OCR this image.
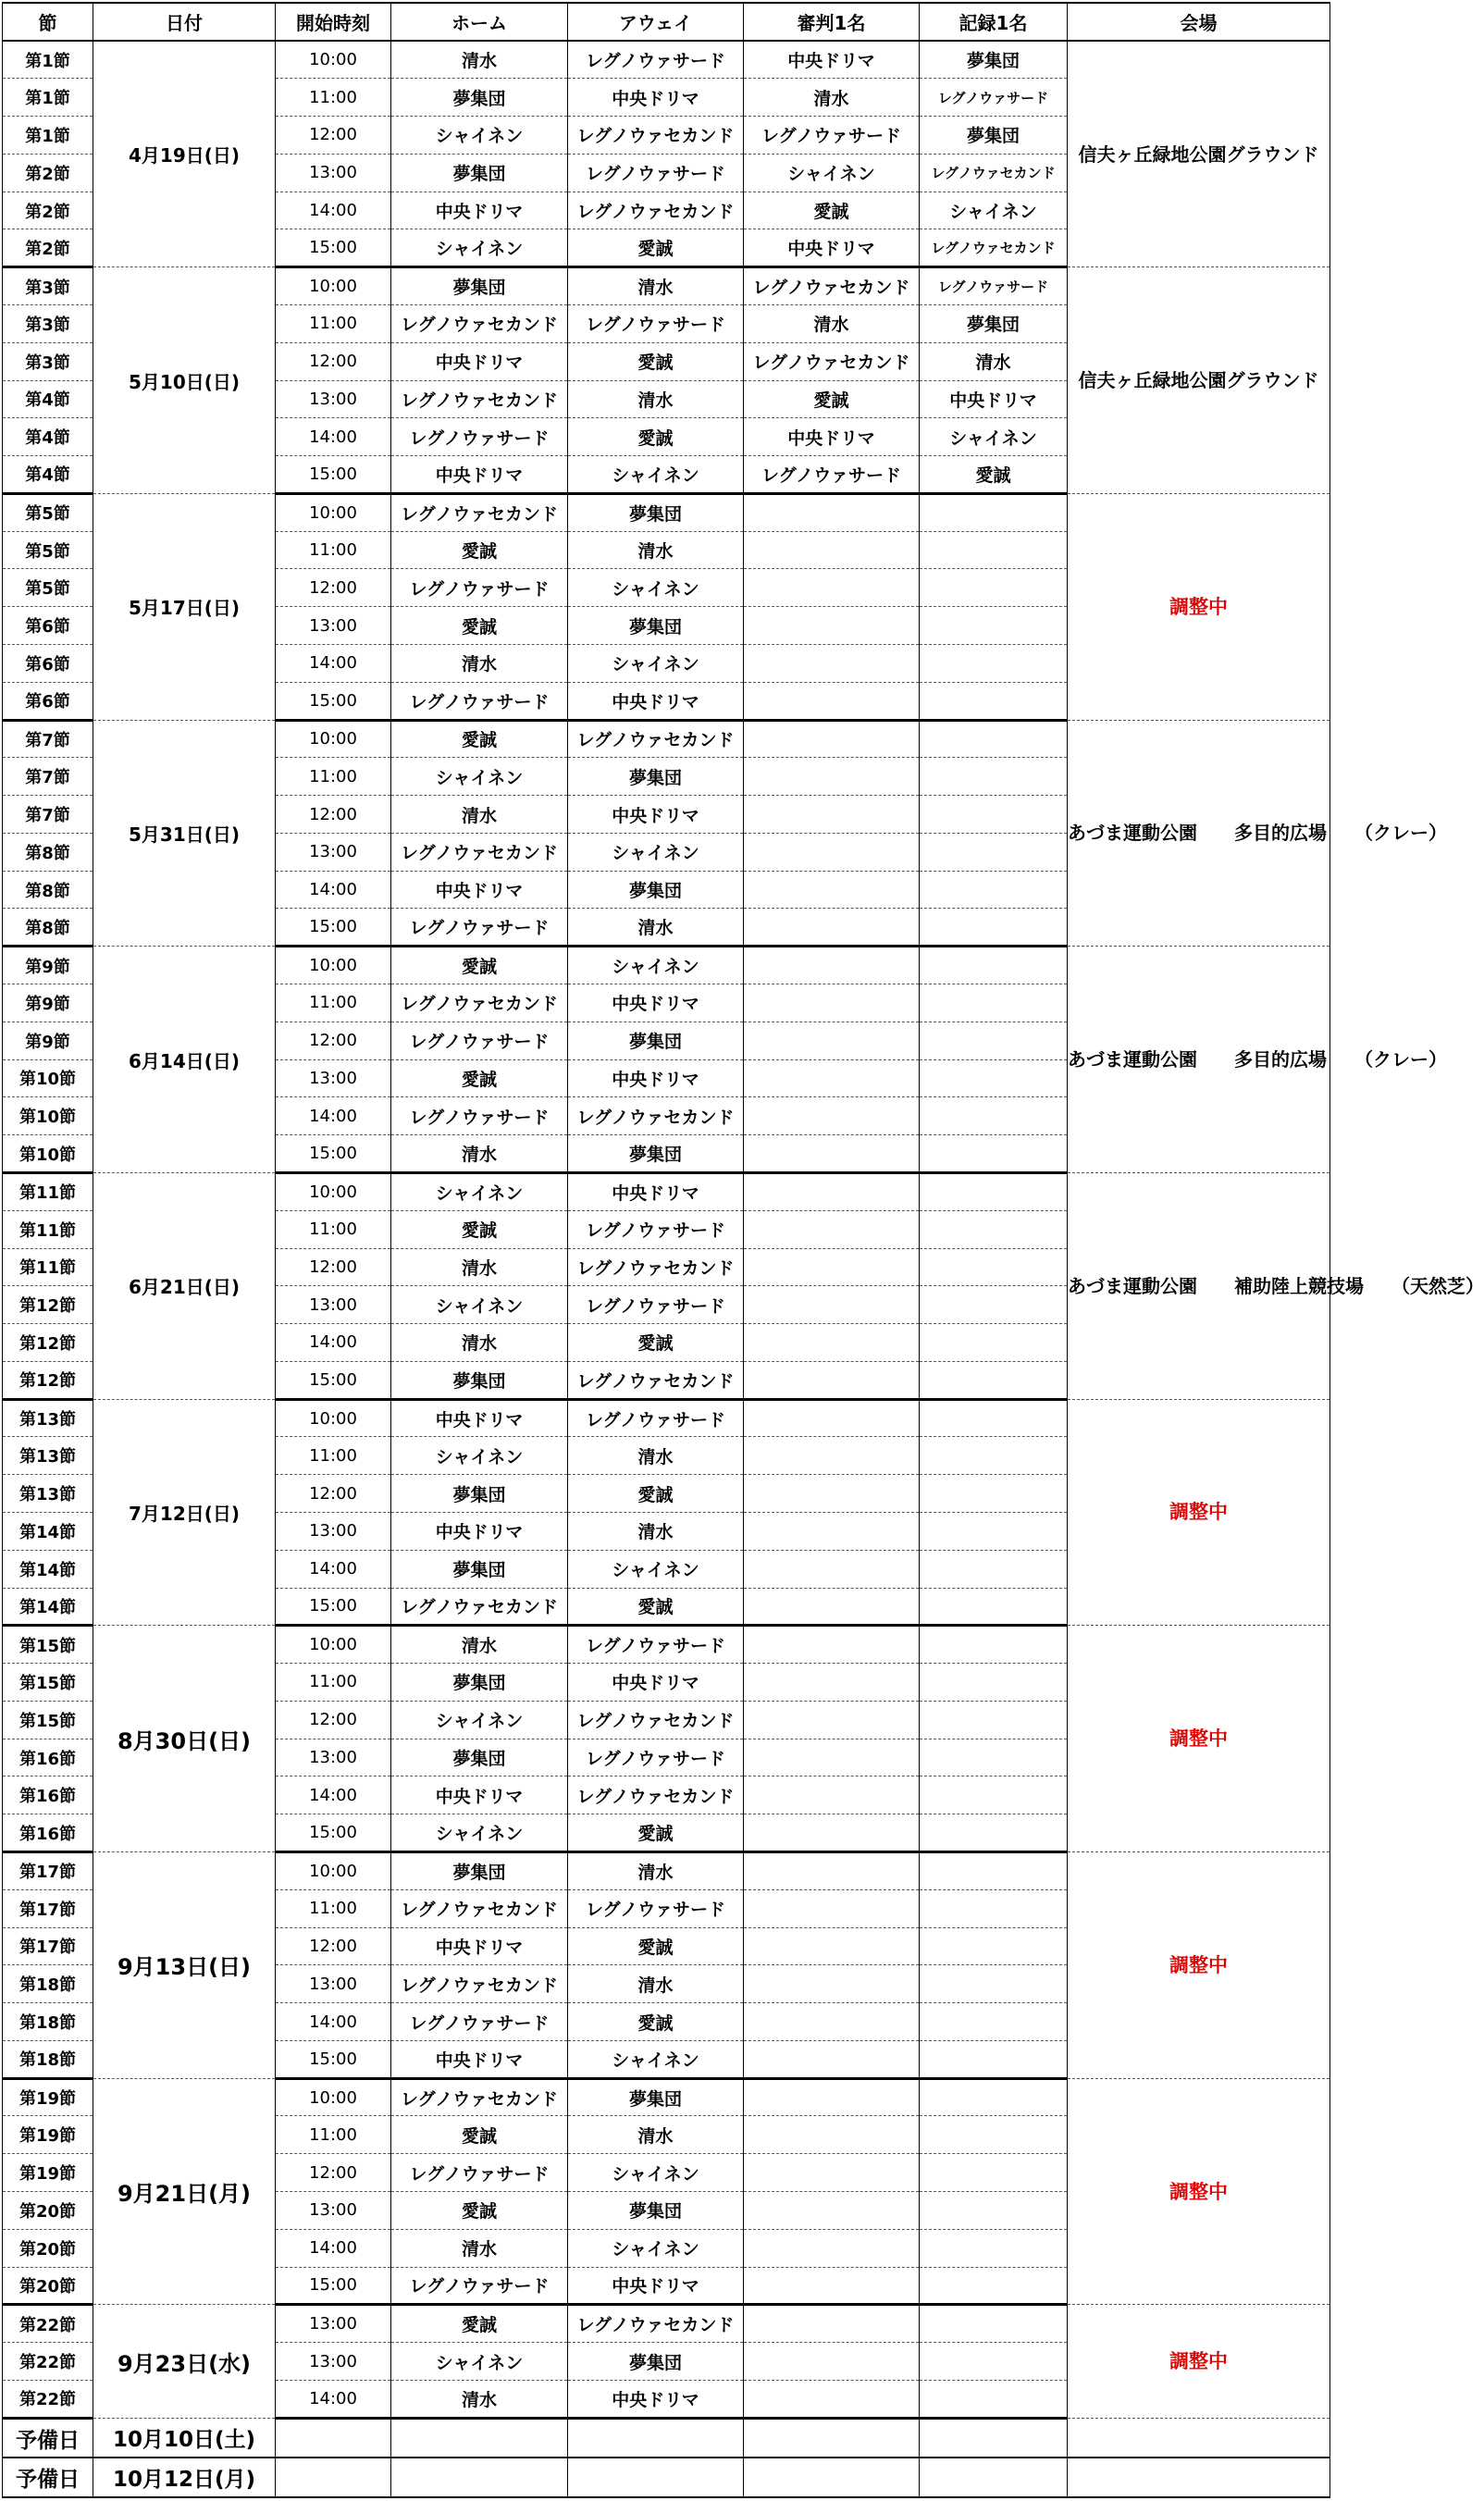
節	日付	開始時刻	ホーム	アウェイ	審判1名	記録1名	会場
第1節	4月19日(日)	10:00	清水	レグノウァサード	中央ドリマ	夢集団	信夫ヶ丘緑地公園グラウンド
第1節		11:00	夢集団	中央ドリマ	清水	レグノウァサード	
第1節		12:00	シャイネン	レグノウァセカンド	レグノウァサード	夢集団	
第2節		13:00	夢集団	レグノウァサード	シャイネン	レグノウァセカンド	
第2節		14:00	中央ドリマ	レグノウァセカンド	愛誠	シャイネン	
第2節		15:00	シャイネン	愛誠	中央ドリマ	レグノウァセカンド	
第3節	5月10日(日)	10:00	夢集団	清水	レグノウァセカンド	レグノウァサード	信夫ヶ丘緑地公園グラウンド
第3節		11:00	レグノウァセカンド	レグノウァサード	清水	夢集団	
第3節		12:00	中央ドリマ	愛誠	レグノウァセカンド	清水	
第4節		13:00	レグノウァセカンド	清水	愛誠	中央ドリマ	
第4節		14:00	レグノウァサード	愛誠	中央ドリマ	シャイネン	
第4節		15:00	中央ドリマ	シャイネン	レグノウァサード	愛誠	
第5節	5月17日(日)	10:00	レグノウァセカンド	夢集団			調整中
第5節		11:00	愛誠	清水			
第5節		12:00	レグノウァサード	シャイネン			
第6節		13:00	愛誠	夢集団			
第6節		14:00	清水	シャイネン			
第6節		15:00	レグノウァサード	中央ドリマ			
第7節	5月31日(日)	10:00	愛誠	レグノウァセカンド			あづま運動公園　　多目的広場　　（クレー）
第7節		11:00	シャイネン	夢集団			
第7節		12:00	清水	中央ドリマ			
第8節		13:00	レグノウァセカンド	シャイネン			
第8節		14:00	中央ドリマ	夢集団			
第8節		15:00	レグノウァサード	清水			
第9節	6月14日(日)	10:00	愛誠	シャイネン			あづま運動公園　　多目的広場　　（クレー）
第9節		11:00	レグノウァセカンド	中央ドリマ			
第9節		12:00	レグノウァサード	夢集団			
第10節		13:00	愛誠	中央ドリマ			
第10節		14:00	レグノウァサード	レグノウァセカンド			
第10節		15:00	清水	夢集団			
第11節	6月21日(日)	10:00	シャイネン	中央ドリマ			あづま運動公園　　補助陸上競技場　　（天然芝）
第11節		11:00	愛誠	レグノウァサード			
第11節		12:00	清水	レグノウァセカンド			
第12節		13:00	シャイネン	レグノウァサード			
第12節		14:00	清水	愛誠			
第12節		15:00	夢集団	レグノウァセカンド			
第13節	7月12日(日)	10:00	中央ドリマ	レグノウァサード			調整中
第13節		11:00	シャイネン	清水			
第13節		12:00	夢集団	愛誠			
第14節		13:00	中央ドリマ	清水			
第14節		14:00	夢集団	シャイネン			
第14節		15:00	レグノウァセカンド	愛誠			
第15節	8月30日(日)	10:00	清水	レグノウァサード			調整中
第15節		11:00	夢集団	中央ドリマ			
第15節		12:00	シャイネン	レグノウァセカンド			
第16節		13:00	夢集団	レグノウァサード			
第16節		14:00	中央ドリマ	レグノウァセカンド			
第16節		15:00	シャイネン	愛誠			
第17節	9月13日(日)	10:00	夢集団	清水			調整中
第17節		11:00	レグノウァセカンド	レグノウァサード			
第17節		12:00	中央ドリマ	愛誠			
第18節		13:00	レグノウァセカンド	清水			
第18節		14:00	レグノウァサード	愛誠			
第18節		15:00	中央ドリマ	シャイネン			
第19節	9月21日(月)	10:00	レグノウァセカンド	夢集団			調整中
第19節		11:00	愛誠	清水			
第19節		12:00	レグノウァサード	シャイネン			
第20節		13:00	愛誠	夢集団			
第20節		14:00	清水	シャイネン			
第20節		15:00	レグノウァサード	中央ドリマ			
第22節	9月23日(水)	13:00	愛誠	レグノウァセカンド			調整中
第22節		13:00	シャイネン	夢集団			
第22節		14:00	清水	中央ドリマ			
予備日	10月10日(土)						
予備日	10月12日(月)						
